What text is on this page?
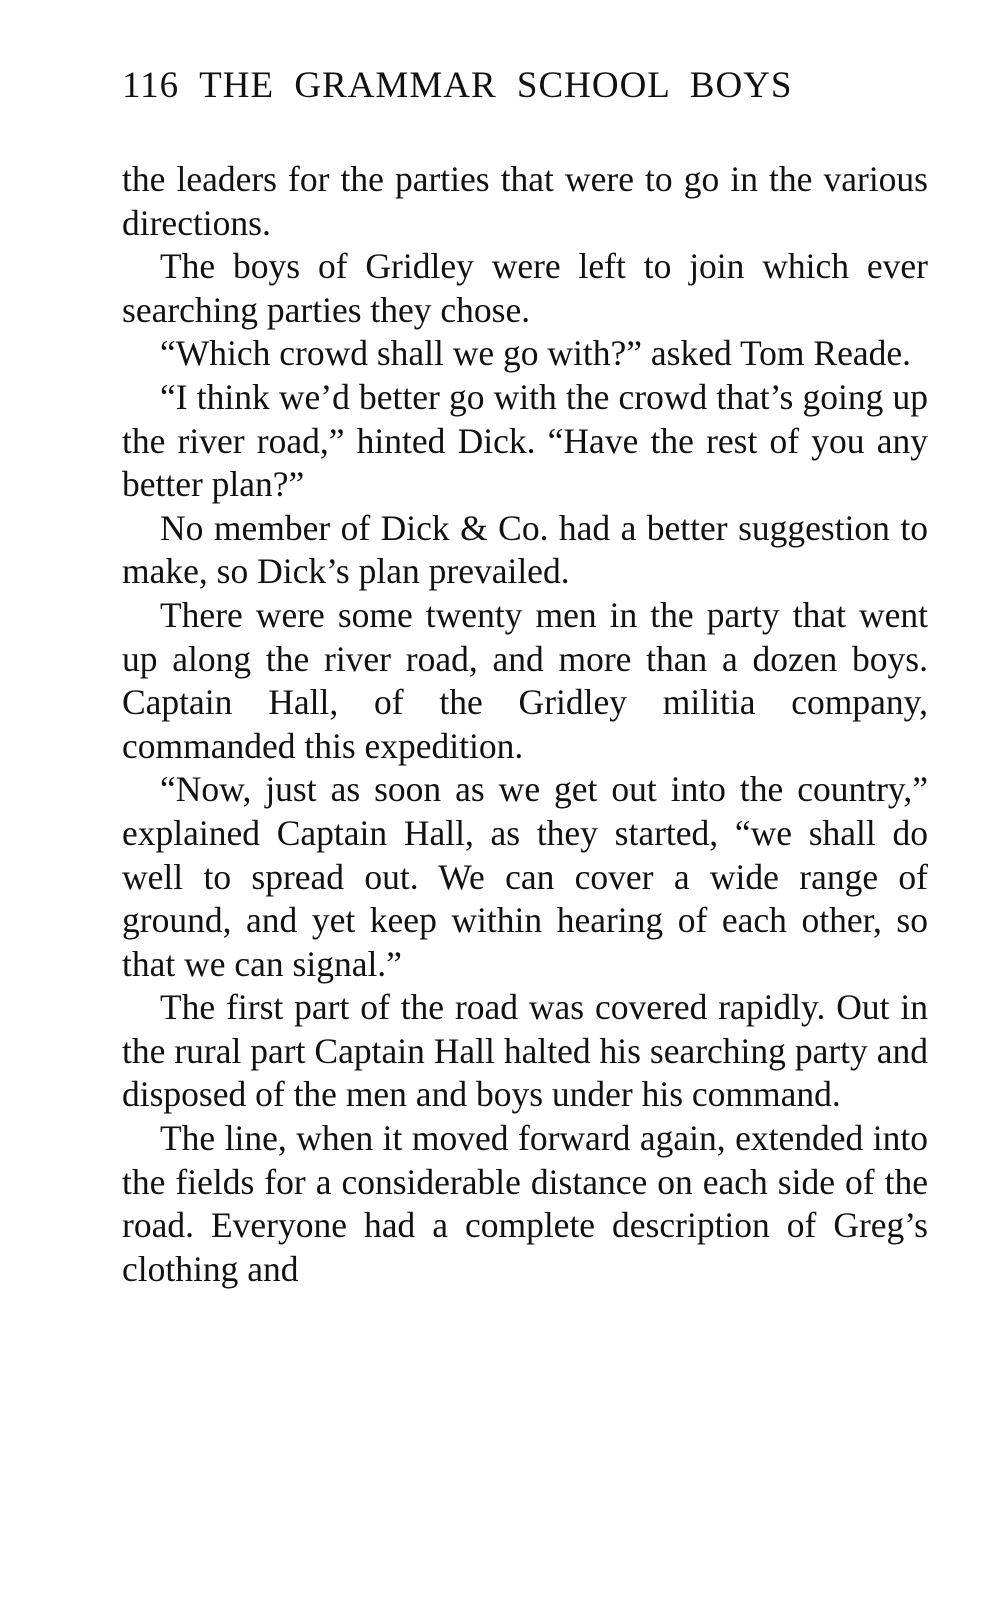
116 THE GRAMMAR SCHOOL BOYS

the leaders for the parties that were to go in the various directions.

The boys of Gridley were left to join which ever searching parties they chose.

“Which crowd shall we go with?” asked Tom Reade.

“I think we’d better go with the crowd that’s going up the river road,” hinted Dick. “Have the rest of you any better plan?”

No member of Dick & Co. had a better suggestion to make, so Dick’s plan prevailed.

There were some twenty men in the party that went up along the river road, and more than a dozen boys. Captain Hall, of the Gridley militia company, commanded this expedition.

“Now, just as soon as we get out into the country,” explained Captain Hall, as they started, “we shall do well to spread out. We can cover a wide range of ground, and yet keep within hearing of each other, so that we can signal.”

The first part of the road was covered rapidly. Out in the rural part Captain Hall halted his searching party and disposed of the men and boys under his command.

The line, when it moved forward again, extended into the fields for a considerable distance on each side of the road. Everyone had a complete description of Greg’s clothing and
